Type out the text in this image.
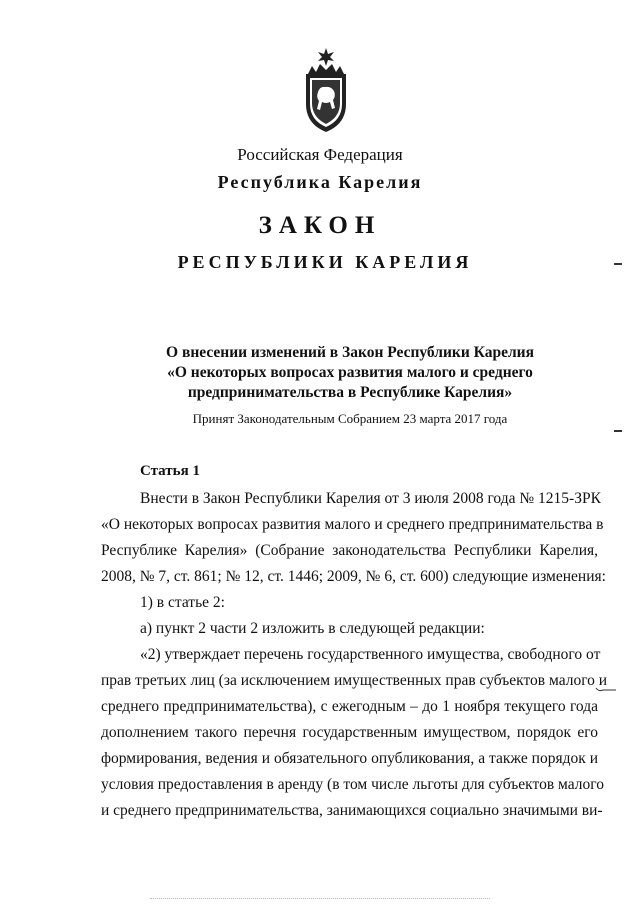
Российская Федерация
Республика Карелия
ЗАКОН
РЕСПУБЛИКИ КАРЕЛИЯ
О внесении изменений в Закон Республики Карелия
«О некоторых вопросах развития малого и среднего
предпринимательства в Республике Карелия»
Принят Законодательным Собранием 23 марта 2017 года
Статья 1
Внести в Закон Республики Карелия от 3 июля 2008 года № 1215-ЗРК
«О некоторых вопросах развития малого и среднего предпринимательства в
Республике Карелия» (Собрание законодательства Республики Карелия,
2008, № 7, ст. 861; № 12, ст. 1446; 2009, № 6, ст. 600) следующие изменения:
1) в статье 2:
а) пункт 2 части 2 изложить в следующей редакции:
«2) утверждает перечень государственного имущества, свободного от
прав третьих лиц (за исключением имущественных прав субъектов малого и
среднего предпринимательства), с ежегодным – до 1 ноября текущего года
дополнением такого перечня государственным имуществом, порядок его
формирования, ведения и обязательного опубликования, а также порядок и
условия предоставления в аренду (в том числе льготы для субъектов малого
и среднего предпринимательства, занимающихся социально значимыми ви-
